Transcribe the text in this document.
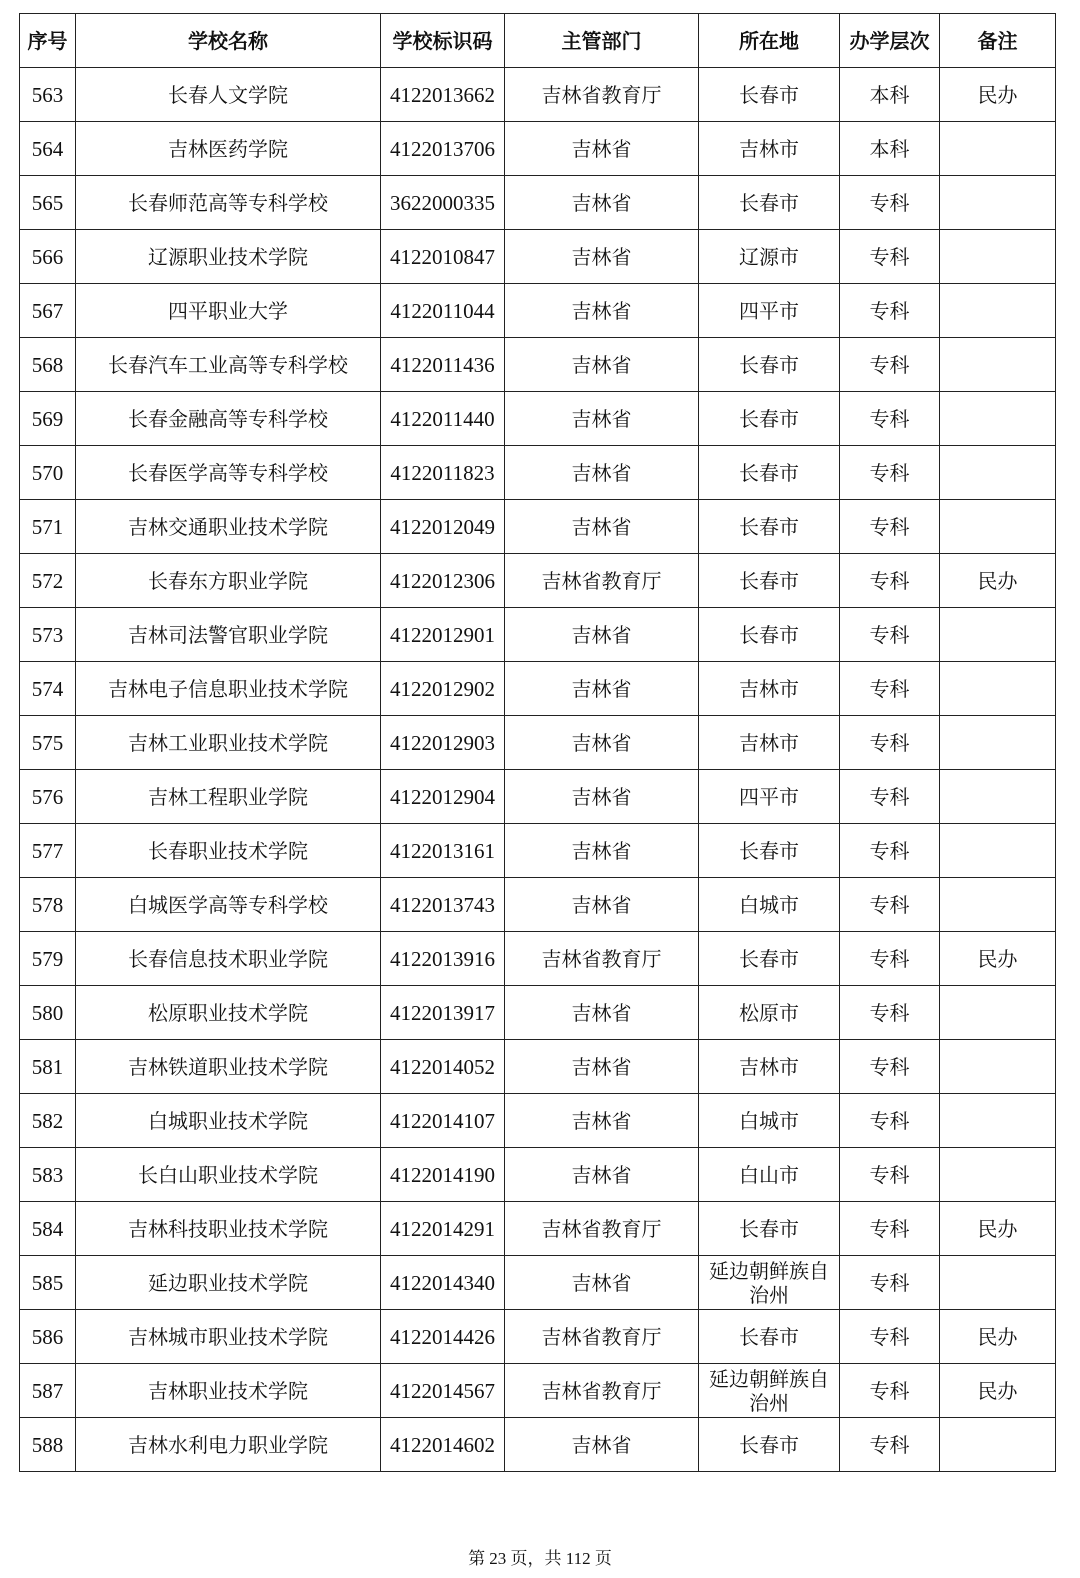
序号	学校名称	学校标识码	主管部门	所在地	办学层次	备注
563	长春人文学院	4122013662	吉林省教育厅	长春市	本科	民办
564	吉林医药学院	4122013706	吉林省	吉林市	本科	
565	长春师范高等专科学校	3622000335	吉林省	长春市	专科	
566	辽源职业技术学院	4122010847	吉林省	辽源市	专科	
567	四平职业大学	4122011044	吉林省	四平市	专科	
568	长春汽车工业高等专科学校	4122011436	吉林省	长春市	专科	
569	长春金融高等专科学校	4122011440	吉林省	长春市	专科	
570	长春医学高等专科学校	4122011823	吉林省	长春市	专科	
571	吉林交通职业技术学院	4122012049	吉林省	长春市	专科	
572	长春东方职业学院	4122012306	吉林省教育厅	长春市	专科	民办
573	吉林司法警官职业学院	4122012901	吉林省	长春市	专科	
574	吉林电子信息职业技术学院	4122012902	吉林省	吉林市	专科	
575	吉林工业职业技术学院	4122012903	吉林省	吉林市	专科	
576	吉林工程职业学院	4122012904	吉林省	四平市	专科	
577	长春职业技术学院	4122013161	吉林省	长春市	专科	
578	白城医学高等专科学校	4122013743	吉林省	白城市	专科	
579	长春信息技术职业学院	4122013916	吉林省教育厅	长春市	专科	民办
580	松原职业技术学院	4122013917	吉林省	松原市	专科	
581	吉林铁道职业技术学院	4122014052	吉林省	吉林市	专科	
582	白城职业技术学院	4122014107	吉林省	白城市	专科	
583	长白山职业技术学院	4122014190	吉林省	白山市	专科	
584	吉林科技职业技术学院	4122014291	吉林省教育厅	长春市	专科	民办
585	延边职业技术学院	4122014340	吉林省	延边朝鲜族自治州	专科	
586	吉林城市职业技术学院	4122014426	吉林省教育厅	长春市	专科	民办
587	吉林职业技术学院	4122014567	吉林省教育厅	延边朝鲜族自治州	专科	民办
588	吉林水利电力职业学院	4122014602	吉林省	长春市	专科	
第 23 页，共 112 页
